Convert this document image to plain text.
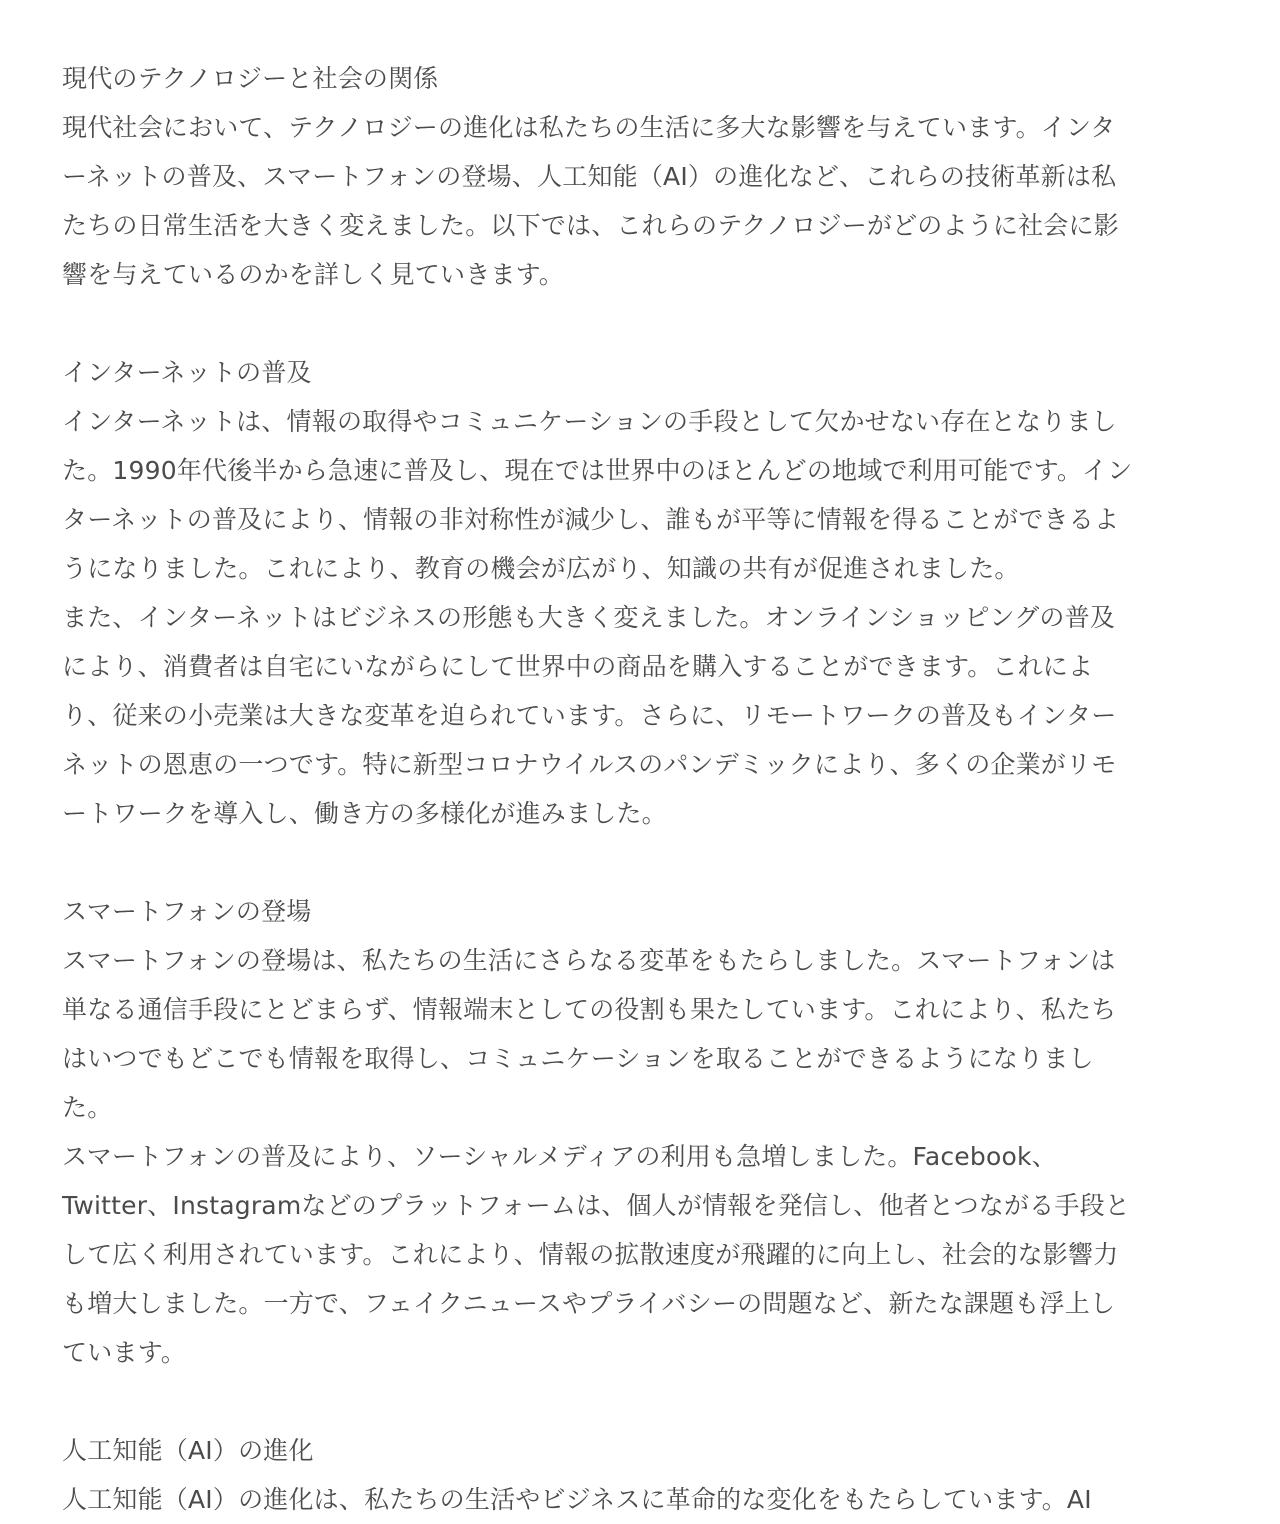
現代のテクノロジーと社会の関係
現代社会において、テクノロジーの進化は私たちの生活に多大な影響を与えています。インタ
ーネットの普及、スマートフォンの登場、人工知能（AI）の進化など、これらの技術革新は私
たちの日常生活を大きく変えました。以下では、これらのテクノロジーがどのように社会に影
響を与えているのかを詳しく見ていきます。
インターネットの普及
インターネットは、情報の取得やコミュニケーションの手段として欠かせない存在となりまし
た。1990年代後半から急速に普及し、現在では世界中のほとんどの地域で利用可能です。イン
ターネットの普及により、情報の非対称性が減少し、誰もが平等に情報を得ることができるよ
うになりました。これにより、教育の機会が広がり、知識の共有が促進されました。
また、インターネットはビジネスの形態も大きく変えました。オンラインショッピングの普及
により、消費者は自宅にいながらにして世界中の商品を購入することができます。これによ
り、従来の小売業は大きな変革を迫られています。さらに、リモートワークの普及もインター
ネットの恩恵の一つです。特に新型コロナウイルスのパンデミックにより、多くの企業がリモ
ートワークを導入し、働き方の多様化が進みました。
スマートフォンの登場
スマートフォンの登場は、私たちの生活にさらなる変革をもたらしました。スマートフォンは
単なる通信手段にとどまらず、情報端末としての役割も果たしています。これにより、私たち
はいつでもどこでも情報を取得し、コミュニケーションを取ることができるようになりまし
た。
スマートフォンの普及により、ソーシャルメディアの利用も急増しました。Facebook、
Twitter、Instagramなどのプラットフォームは、個人が情報を発信し、他者とつながる手段と
して広く利用されています。これにより、情報の拡散速度が飛躍的に向上し、社会的な影響力
も増大しました。一方で、フェイクニュースやプライバシーの問題など、新たな課題も浮上し
ています。
人工知能（AI）の進化
人工知能（AI）の進化は、私たちの生活やビジネスに革命的な変化をもたらしています。AI
